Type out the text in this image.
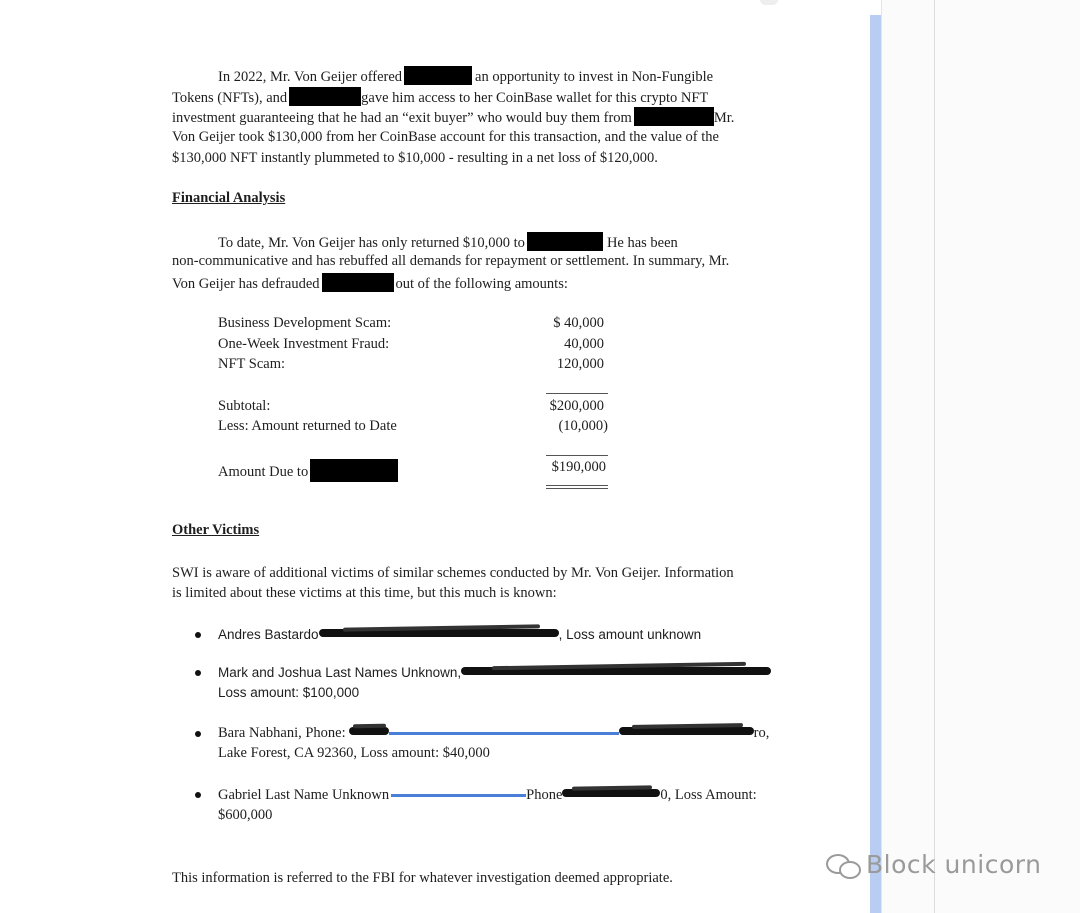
In 2022, Mr. Von Geijer offered	an opportunity to invest in Non-Fungible
Tokens (NFTs), and	gave him access to her CoinBase wallet for this crypto NFT
investment guaranteeing that he had an “exit buyer” who would buy them from	Mr.
Von Geijer took $130,000 from her CoinBase account for this transaction, and the value of the
$130,000 NFT instantly plummeted to $10,000 - resulting in a net loss of $120,000.
Financial Analysis
To date, Mr. Von Geijer has only returned $10,000 to	He has been
non-communicative and has rebuffed all demands for repayment or settlement. In summary, Mr.
Von Geijer has defrauded	out of the following amounts:
Business Development Scam:	$ 40,000
One-Week Investment Fraud:	40,000
NFT Scam:	120,000
Subtotal:	$200,000
Less: Amount returned to Date	(10,000)
Amount Due to	$190,000
Other Victims
SWI is aware of additional victims of similar schemes conducted by Mr. Von Geijer. Information
is limited about these victims at this time, but this much is known:
Andres Bastardo	, Loss amount unknown
Mark and Joshua Last Names Unknown,
Loss amount: $100,000
Bara Nabhani, Phone:	ro,
Lake Forest, CA 92360, Loss amount: $40,000
Gabriel Last Name Unknown	Phone	0, Loss Amount:
$600,000
This information is referred to the FBI for whatever investigation deemed appropriate.	Block unicorn
